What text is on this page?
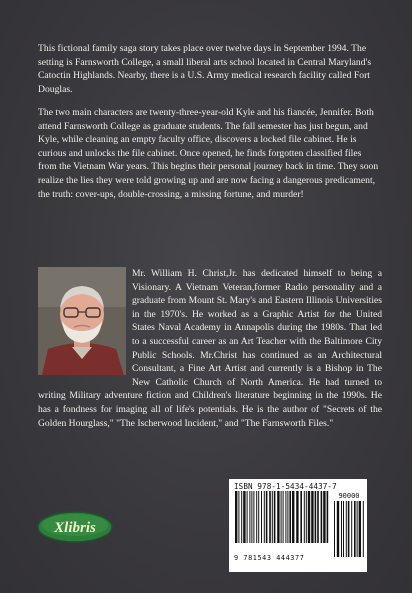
This fictional family saga story takes place over twelve days in September 1994. The setting is Farnsworth College, a small liberal arts school located in Central Maryland's Catoctin Highlands. Nearby, there is a U.S. Army medical research facility called Fort Douglas.

The two main characters are twenty-three-year-old Kyle and his fiancée, Jennifer. Both attend Farnsworth College as graduate students. The fall semester has just begun, and Kyle, while cleaning an empty faculty office, discovers a locked file cabinet. He is curious and unlocks the file cabinet. Once opened, he finds forgotten classified files from the Vietnam War years. This begins their personal journey back in time. They soon realize the lies they were told growing up and are now facing a dangerous predicament, the truth: cover-ups, double-crossing, a missing fortune, and murder!

Mr. William H. Christ,Jr. has dedicated himself to being a Visionary. A Vietnam Veteran,former Radio personality and a graduate from Mount St. Mary's and Eastern Illinois Universities in the 1970's. He worked as a Graphic Artist for the United States Naval Academy in Annapolis during the 1980s. That led to a successful career as an Art Teacher with the Baltimore City Public Schools. Mr.Christ has continued as an Architectural Consultant, a Fine Art Artist and currently is a Bishop in The New Catholic Church of North America. He had turned to writing Military adventure fiction and Children's literature beginning in the 1990s. He has a fondness for imaging all of life's potentials. He is the author of "Secrets of the Golden Hourglass," "The Ischerwood Incident," and "The Farnsworth Files."
Xlibris
ISBN 978-1-5434-4437-7
9 781543 444377
90000
